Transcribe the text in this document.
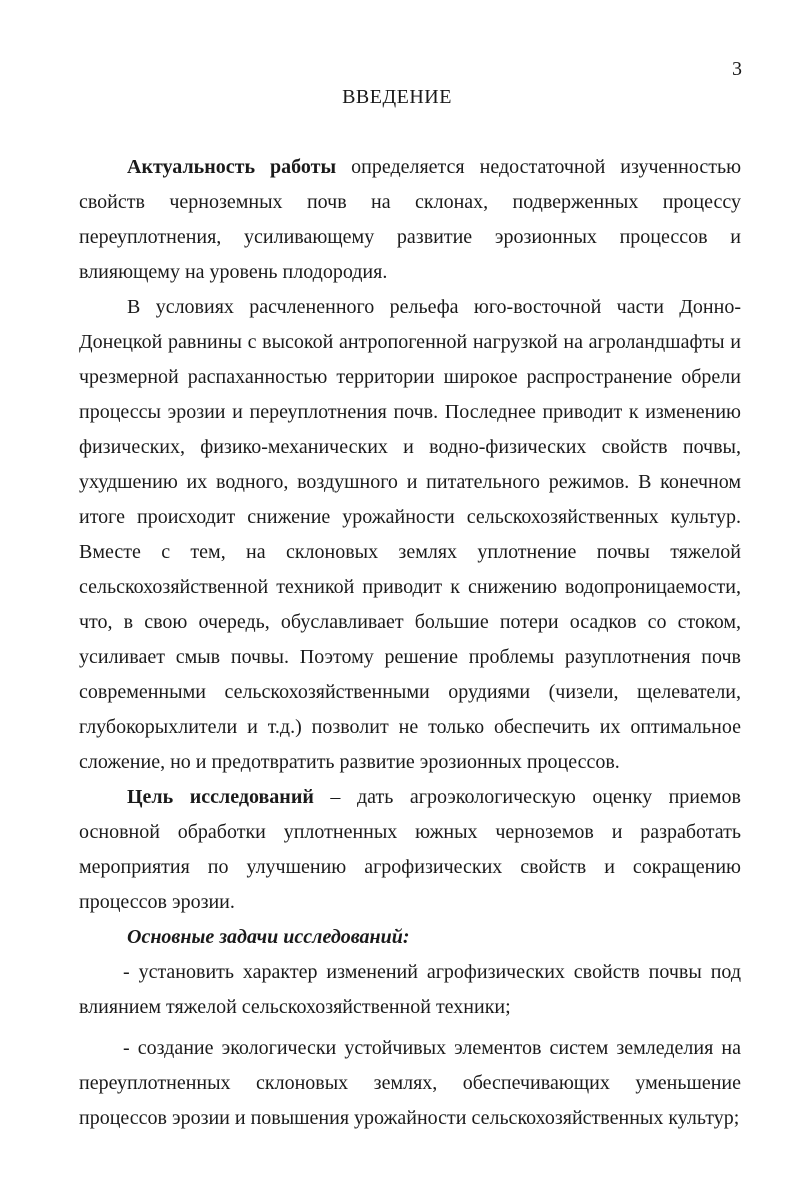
3
ВВЕДЕНИЕ

Актуальность работы определяется недостаточной изученностью свойств черноземных почв на склонах, подверженных процессу переуплотнения, усиливающему развитие эрозионных процессов и влияющему на уровень плодородия.

В условиях расчлененного рельефа юго-восточной части Донно-Донецкой равнины с высокой антропогенной нагрузкой на агроландшафты и чрезмерной распаханностью территории широкое распространение обрели процессы эрозии и переуплотнения почв. Последнее приводит к изменению физических, физико-механических и водно-физических свойств почвы, ухудшению их водного, воздушного и питательного режимов. В конечном итоге происходит снижение урожайности сельскохозяйственных культур. Вместе с тем, на склоновых землях уплотнение почвы тяжелой сельскохозяйственной техникой приводит к снижению водопроницаемости, что, в свою очередь, обуславливает большие потери осадков со стоком, усиливает смыв почвы. Поэтому решение проблемы разуплотнения почв современными сельскохозяйственными орудиями (чизели, щелеватели, глубокорыхлители и т.д.) позволит не только обеспечить их оптимальное сложение, но и предотвратить развитие эрозионных процессов.

Цель исследований – дать агроэкологическую оценку приемов основной обработки уплотненных южных черноземов и разработать мероприятия по улучшению агрофизических свойств и сокращению процессов эрозии.

Основные задачи исследований:

- установить характер изменений агрофизических свойств почвы под влиянием тяжелой сельскохозяйственной техники;

- создание экологически устойчивых элементов систем земледелия на переуплотненных склоновых землях, обеспечивающих уменьшение процессов эрозии и повышения урожайности сельскохозяйственных культур;
